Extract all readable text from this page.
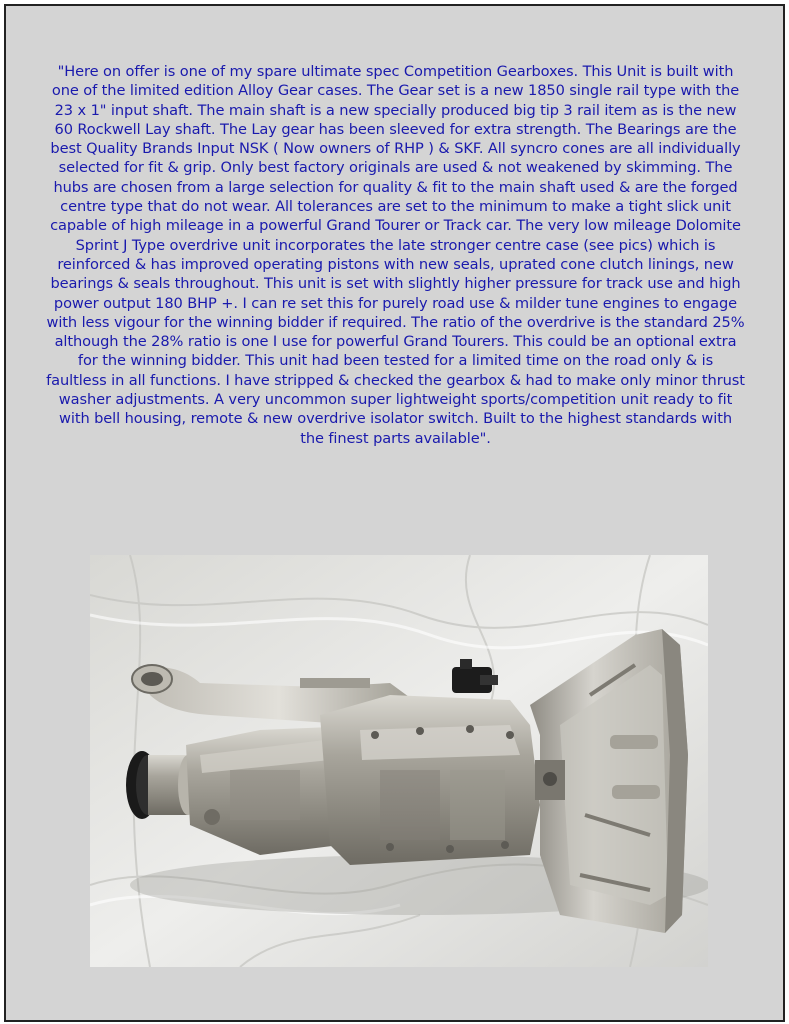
"Here on offer is one of my spare ultimate spec Competition Gearboxes. This Unit is built with one of the limited edition Alloy Gear cases. The Gear set is a new 1850 single rail type with the 23 x 1" input shaft. The main shaft is a new specially produced big tip 3 rail item as is the new 60 Rockwell Lay shaft. The Lay gear has been sleeved for extra strength. The Bearings are the best Quality Brands Input NSK ( Now owners of RHP ) & SKF. All syncro cones are all individually selected for fit & grip. Only best factory originals are used & not weakened by skimming. The hubs are chosen from a large selection for quality & fit to the main shaft used & are the forged centre type that do not wear. All tolerances are set to the minimum to make a tight slick unit capable of high mileage in a powerful Grand Tourer or Track car. The very low mileage Dolomite Sprint J Type overdrive unit incorporates the late stronger centre case (see pics) which is reinforced & has improved operating pistons with new seals, uprated cone clutch linings, new bearings & seals throughout. This unit is set with slightly higher pressure for track use and high power output 180 BHP +. I can re set this for purely road use & milder tune engines to engage with less vigour for the winning bidder if required. The ratio of the overdrive is the standard 25% although the 28% ratio is one I use for powerful Grand Tourers. This could be an optional extra for the winning bidder. This unit had been tested for a limited time on the road only & is faultless in all functions. I have stripped & checked the gearbox & had to make only minor thrust washer adjustments. A very uncommon super lightweight sports/competition unit ready to fit with bell housing, remote & new overdrive isolator switch. Built to the highest standards with the finest parts available".
